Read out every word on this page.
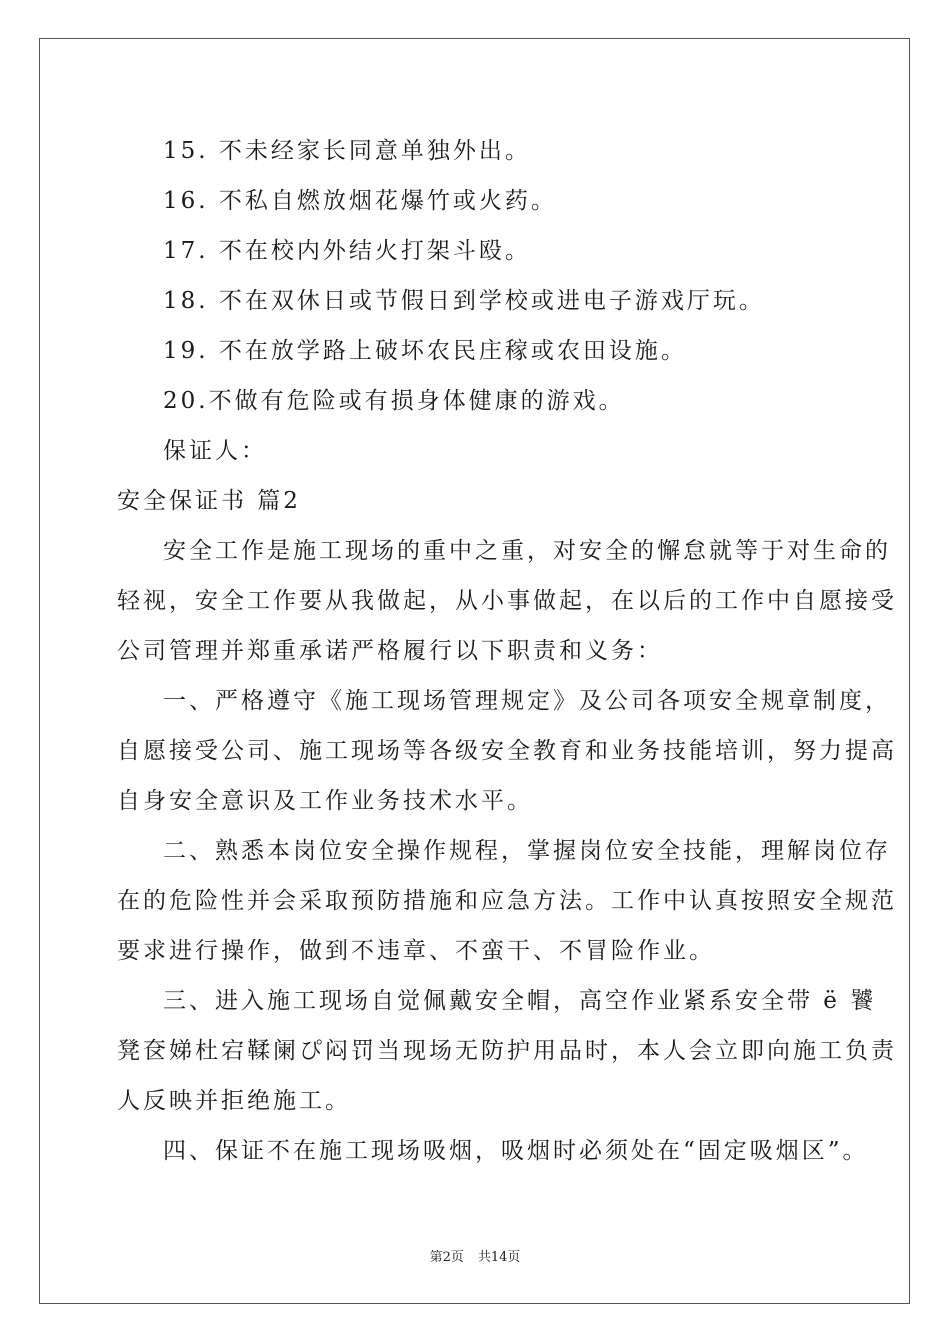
15. 不未经家长同意单独外出。
16. 不私自燃放烟花爆竹或火药。
17. 不在校内外结火打架斗殴。
18. 不在双休日或节假日到学校或进电子游戏厅玩。
19. 不在放学路上破坏农民庄稼或农田设施。
20.不做有危险或有损身体健康的游戏。
保证人：
安全保证书 篇2
安全工作是施工现场的重中之重，对安全的懈怠就等于对生命的
轻视，安全工作要从我做起，从小事做起，在以后的工作中自愿接受
公司管理并郑重承诺严格履行以下职责和义务：
一、严格遵守《施工现场管理规定》及公司各项安全规章制度，
自愿接受公司、施工现场等各级安全教育和业务技能培训，努力提高
自身安全意识及工作业务技术水平。
二、熟悉本岗位安全操作规程，掌握岗位安全技能，理解岗位存
在的危险性并会采取预防措施和应急方法。工作中认真按照安全规范
要求进行操作，做到不违章、不蛮干、不冒险作业。
三、进入施工现场自觉佩戴安全帽，高空作业紧系安全带 ё 饕
凳奁娣杜宕鞣阑ぴ闷罚当现场无防护用品时，本人会立即向施工负责
人反映并拒绝施工。
四、保证不在施工现场吸烟，吸烟时必须处在“固定吸烟区”。
第2页 共14页
